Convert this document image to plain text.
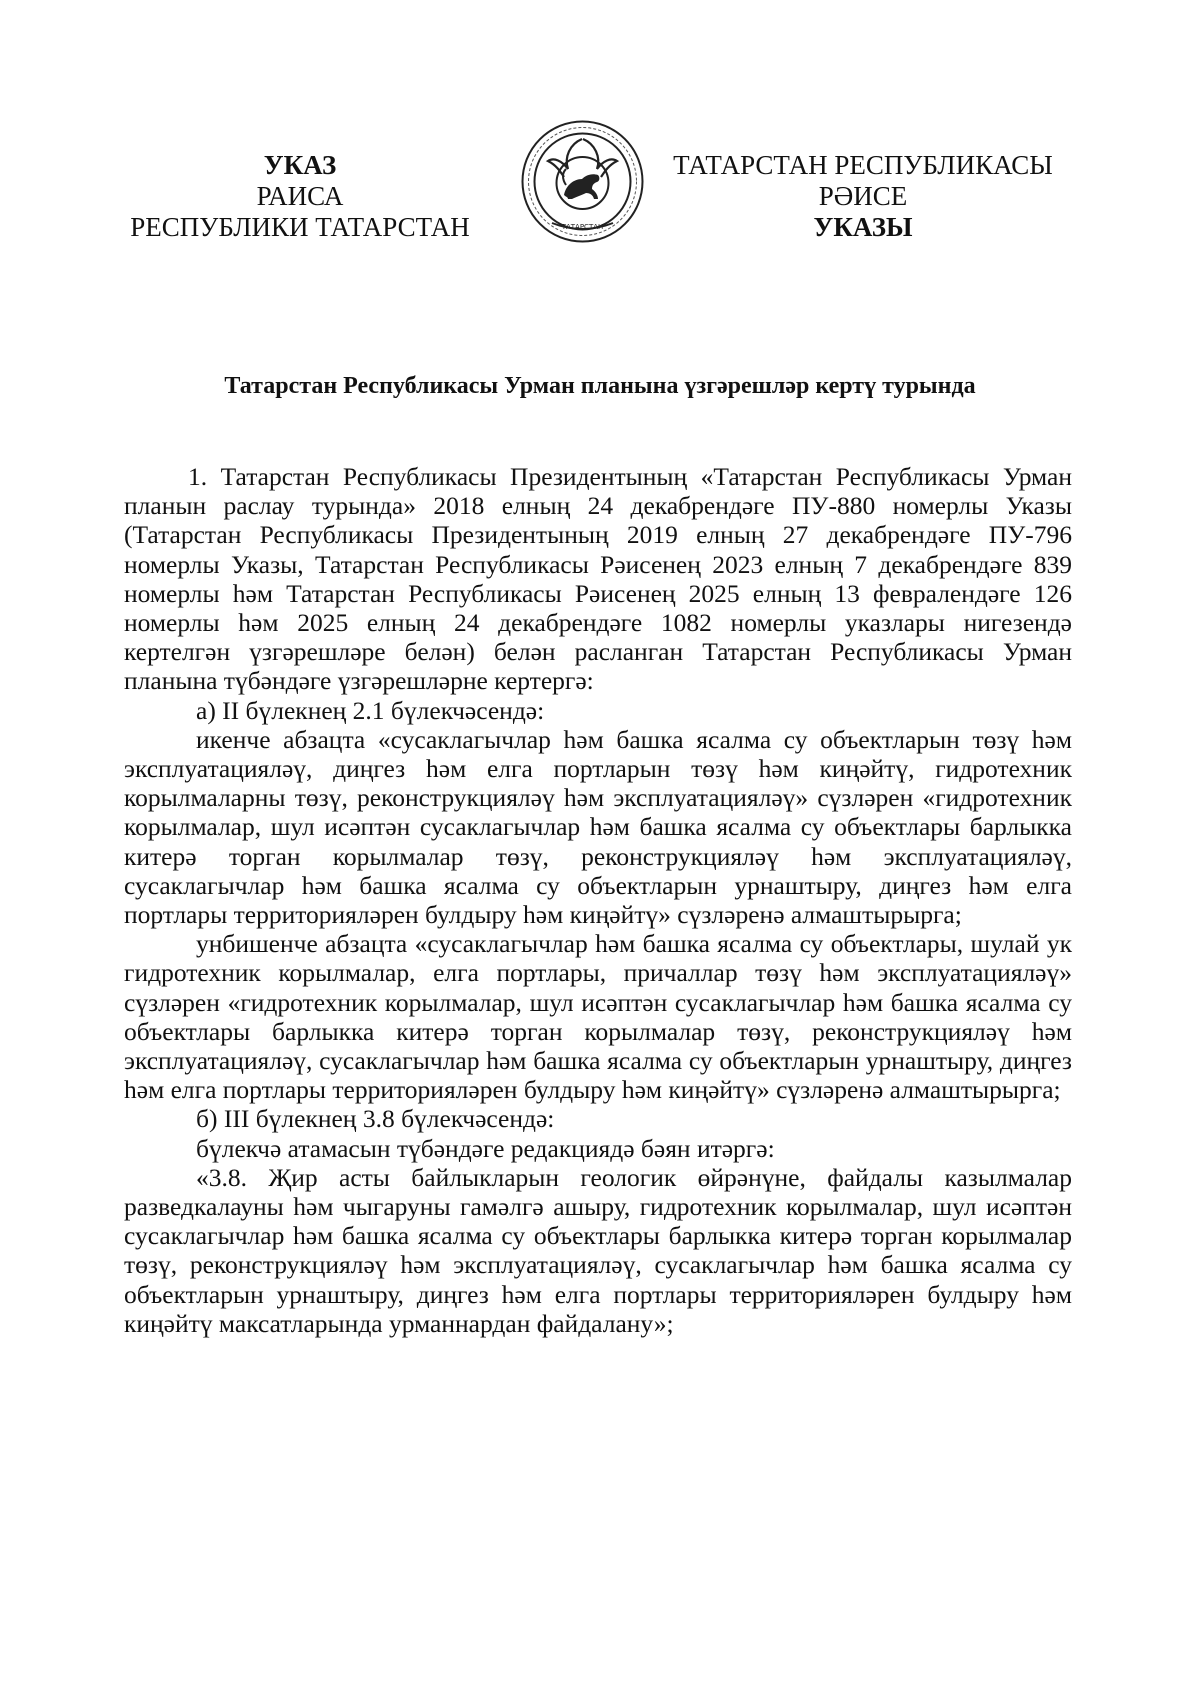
УКАЗ
РАИСА
РЕСПУБЛИКИ ТАТАРСТАН	ТАТАРСТАН
ТАТАРСТАН РЕСПУБЛИКАСЫ
РӘИСЕ
УКАЗЫ
Татарстан Республикасы Урман планына үзгәрешләр кертү турында

1. Татарстан Республикасы Президентының «Татарстан Республикасы Урман планын раслау турында» 2018 елның 24 декабрендәге ПУ-880 номерлы Указы (Татарстан Республикасы Президентының 2019 елның 27 декабрендәге ПУ-796 номерлы Указы, Татарстан Республикасы Рәисенең 2023 елның 7 декабрендәге 839 номерлы һәм Татарстан Республикасы Рәисенең 2025 елның 13 февралендәге 126 номерлы һәм 2025 елның 24 декабрендәге 1082 номерлы указлары нигезендә кертелгән үзгәрешләре белән) белән расланган Татарстан Республикасы Урман планына түбәндәге үзгәрешләрне кертергә:

а) II бүлекнең 2.1 бүлекчәсендә:

икенче абзацта «сусаклагычлар һәм башка ясалма су объектларын төзү һәм эксплуатацияләү, диңгез һәм елга портларын төзү һәм киңәйтү, гидротехник корылмаларны төзү, реконструкцияләү һәм эксплуатацияләү» сүзләрен «гидротехник корылмалар, шул исәптән сусаклагычлар һәм башка ясалма су объектлары барлыкка китерә торган корылмалар төзү, реконструкцияләү һәм эксплуатацияләү, сусаклагычлар һәм башка ясалма су объектларын урнаштыру, диңгез һәм елга портлары территорияләрен булдыру һәм киңәйтү» сүзләренә алмаштырырга;

унбишенче абзацта «сусаклагычлар һәм башка ясалма су объектлары, шулай ук гидротехник корылмалар, елга портлары, причаллар төзү һәм эксплуатацияләү» сүзләрен «гидротехник корылмалар, шул исәптән сусаклагычлар һәм башка ясалма су объектлары барлыкка китерә торган корылмалар төзү, реконструкцияләү һәм эксплуатацияләү, сусаклагычлар һәм башка ясалма су объектларын урнаштыру, диңгез һәм елга портлары территорияләрен булдыру һәм киңәйтү» сүзләренә алмаштырырга;

б) III бүлекнең 3.8 бүлекчәсендә:

бүлекчә атамасын түбәндәге редакциядә бәян итәргә:

«3.8. Җир асты байлыкларын геологик өйрәнүне, файдалы казылмалар разведкалауны һәм чыгаруны гамәлгә ашыру, гидротехник корылмалар, шул исәптән сусаклагычлар һәм башка ясалма су объектлары барлыкка китерә торган корылмалар төзү, реконструкцияләү һәм эксплуатацияләү, сусаклагычлар һәм башка ясалма су объектларын урнаштыру, диңгез һәм елга портлары территорияләрен булдыру һәм киңәйтү максатларында урманнардан файдалану»;
